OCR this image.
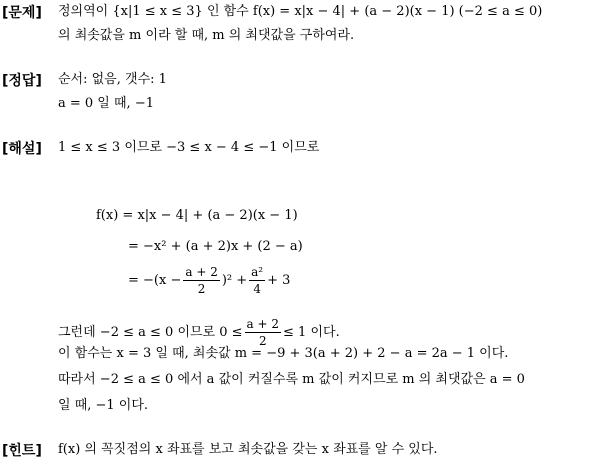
[문제] 정의역이 {x|1 ≤ x ≤ 3} 인 함수 f(x) = x|x − 4| + (a − 2)(x − 1) (−2 ≤ a ≤ 0)
의 최솟값을 m 이라 할 때, m 의 최댓값을 구하여라.
[정답] 순서: 없음, 갯수: 1
a = 0 일 때, −1
[해설] 1 ≤ x ≤ 3 이므로 −3 ≤ x − 4 ≤ −1 이므로
f(x) = x|x − 4| + (a − 2)(x − 1)
= −x² + (a + 2)x + (2 − a)
= $-(x - \frac{a + 2}{2} )^2 + \frac{\text{a²}}{4} + 3$
그런데 −2 ≤ a ≤ 0 이므로 $0 \le \frac{a + 2}{2} \le 1$ 이다.
이 함수는 x = 3 일 때, 최솟값 m = −9 + 3(a + 2) + 2 − a = 2a − 1 이다.
따라서 −2 ≤ a ≤ 0 에서 a 값이 커질수록 m 값이 커지므로 m 의 최댓값은 a = 0
일 때, −1 이다.
[힌트] f(x) 의 꼭짓점의 x 좌표를 보고 최솟값을 갖는 x 좌표를 알 수 있다.
